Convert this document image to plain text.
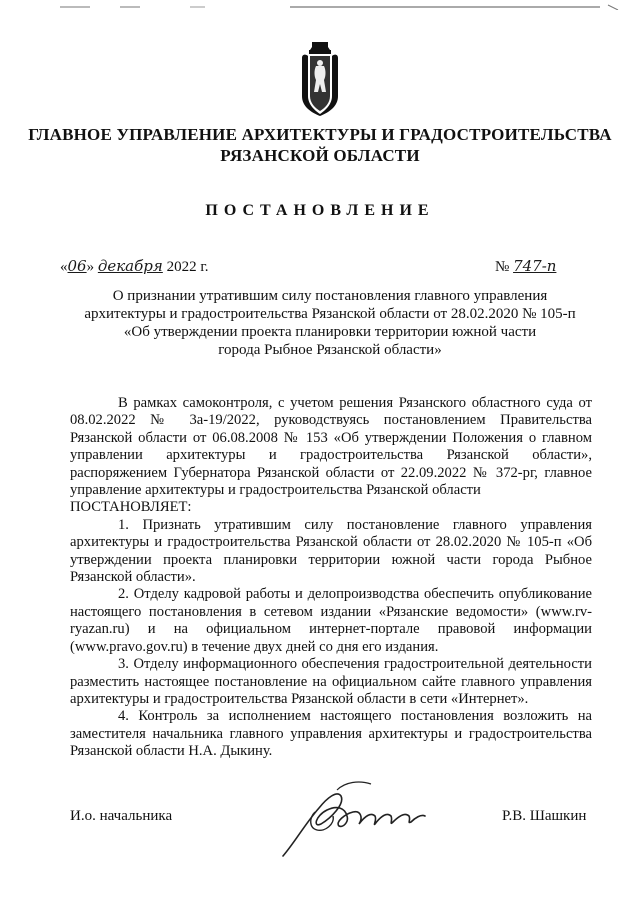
ГЛАВНОЕ УПРАВЛЕНИЕ АРХИТЕКТУРЫ И ГРАДОСТРОИТЕЛЬСТВА
РЯЗАНСКОЙ ОБЛАСТИ
ПОСТАНОВЛЕНИЕ
«06» декабря 2022 г.	№ 747-п
О признании утратившим силу постановления главного управления
архитектуры и градостроительства Рязанской области от 28.02.2020 № 105-п
«Об утверждении проекта планировки территории южной части
города Рыбное Рязанской области»

В рамках самоконтроля, с учетом решения Рязанского областного суда от 08.02.2022 № 3а-19/2022, руководствуясь постановлением Правительства Рязанской области от 06.08.2008 № 153 «Об утверждении Положения о главном управлении архитектуры и градостроительства Рязанской области», распоряжением Губернатора Рязанской области от 22.09.2022 № 372-рг, главное управление архитектуры и градостроительства Рязанской области

ПОСТАНОВЛЯЕТ:

1. Признать утратившим силу постановление главного управления архитектуры и градостроительства Рязанской области от 28.02.2020 № 105-п «Об утверждении проекта планировки территории южной части города Рыбное Рязанской области».

2. Отделу кадровой работы и делопроизводства обеспечить опубликование настоящего постановления в сетевом издании «Рязанские ведомости» (www.rv-ryazan.ru) и на официальном интернет-портале правовой информации (www.pravo.gov.ru) в течение двух дней со дня его издания.

3. Отделу информационного обеспечения градостроительной деятельности разместить настоящее постановление на официальном сайте главного управления архитектуры и градостроительства Рязанской области в сети «Интернет».

4. Контроль за исполнением настоящего постановления возложить на заместителя начальника главного управления архитектуры и градостроительства Рязанской области Н.А. Дыкину.

И.о. начальника	Р.В. Шашкин
